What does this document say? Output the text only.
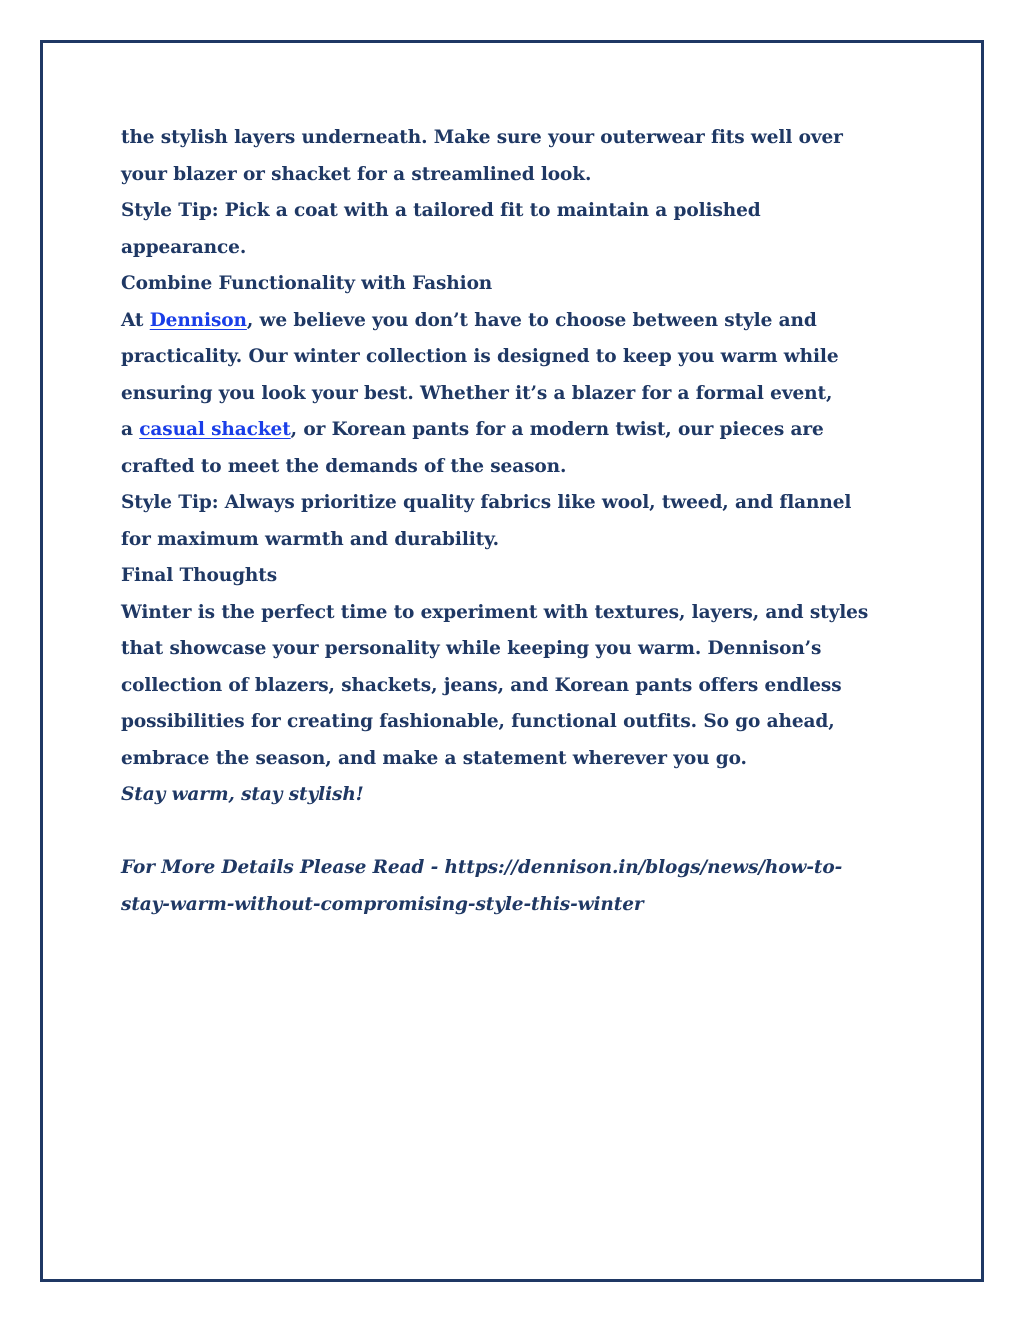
the stylish layers underneath. Make sure your outerwear fits well over

your blazer or shacket for a streamlined look.

Style Tip: Pick a coat with a tailored fit to maintain a polished

appearance.

Combine Functionality with Fashion

At Dennison, we believe you don’t have to choose between style and

practicality. Our winter collection is designed to keep you warm while

ensuring you look your best. Whether it’s a blazer for a formal event,

a casual shacket, or Korean pants for a modern twist, our pieces are

crafted to meet the demands of the season.

Style Tip: Always prioritize quality fabrics like wool, tweed, and flannel

for maximum warmth and durability.

Final Thoughts

Winter is the perfect time to experiment with textures, layers, and styles

that showcase your personality while keeping you warm. Dennison’s

collection of blazers, shackets, jeans, and Korean pants offers endless

possibilities for creating fashionable, functional outfits. So go ahead,

embrace the season, and make a statement wherever you go.

Stay warm, stay stylish!

For More Details Please Read - https://dennison.in/blogs/news/how-to-

stay-warm-without-compromising-style-this-winter
